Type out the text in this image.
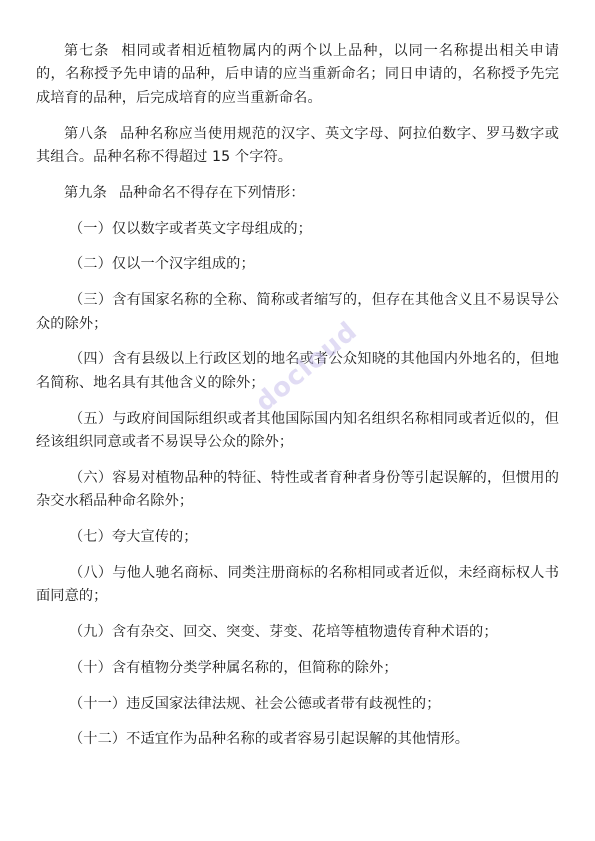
第七条 相同或者相近植物属内的两个以上品种，以同一名称提出相关申请的，名称授予先申请的品种，后申请的应当重新命名；同日申请的，名称授予先完成培育的品种，后完成培育的应当重新命名。

第八条 品种名称应当使用规范的汉字、英文字母、阿拉伯数字、罗马数字或其组合。品种名称不得超过 15 个字符。

第九条 品种命名不得存在下列情形：

（一）仅以数字或者英文字母组成的；

（二）仅以一个汉字组成的；

（三）含有国家名称的全称、简称或者缩写的，但存在其他含义且不易误导公众的除外；

（四）含有县级以上行政区划的地名或者公众知晓的其他国内外地名的，但地名简称、地名具有其他含义的除外；

（五）与政府间国际组织或者其他国际国内知名组织名称相同或者近似的，但经该组织同意或者不易误导公众的除外；

（六）容易对植物品种的特征、特性或者育种者身份等引起误解的，但惯用的杂交水稻品种命名除外；

（七）夸大宣传的；

（八）与他人驰名商标、同类注册商标的名称相同或者近似，未经商标权人书面同意的；

（九）含有杂交、回交、突变、芽变、花培等植物遗传育种术语的；

（十）含有植物分类学种属名称的，但简称的除外；

（十一）违反国家法律法规、社会公德或者带有歧视性的；

（十二）不适宜作为品种名称的或者容易引起误解的其他情形。

docloud
